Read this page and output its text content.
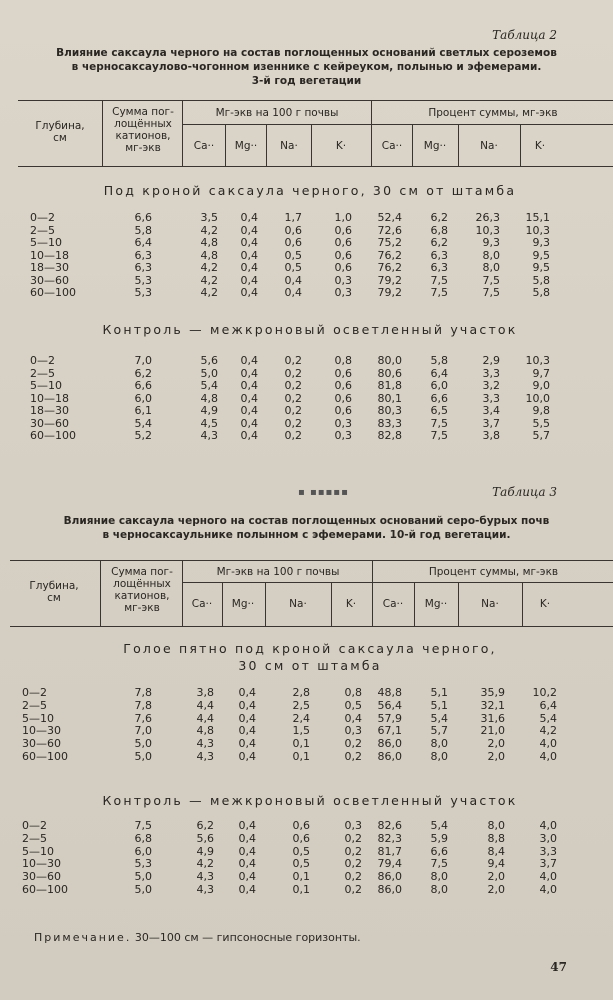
Таблица 2
Влияние саксаула черного на состав поглощенных оснований светлых сероземов
в черносаксаулово-чогонном изеннике с кейреуком, полынью и эфемерами.
3-й год вегетации
Глубина,
см
Сумма пог-
лощённых
катионов,
мг-экв
Мг-экв на 100 г почвы	Процент суммы, мг-экв
Ca··	Mg··	Na·	K·	Ca··	Mg··	Na·	K·
Под кроной саксаула черного, 30 см от штамба
0—2	6,6	3,5	0,4	1,7	1,0	52,4	6,2	26,3	15,1
2—5	5,8	4,2	0,4	0,6	0,6	72,6	6,8	10,3	10,3
5—10	6,4	4,8	0,4	0,6	0,6	75,2	6,2	9,3	9,3
10—18	6,3	4,8	0,4	0,5	0,6	76,2	6,3	8,0	9,5
18—30	6,3	4,2	0,4	0,5	0,6	76,2	6,3	8,0	9,5
30—60	5,3	4,2	0,4	0,4	0,3	79,2	7,5	7,5	5,8
60—100	5,3	4,2	0,4	0,4	0,3	79,2	7,5	7,5	5,8
Контроль — межкроновый осветленный участок
0—2	7,0	5,6	0,4	0,2	0,8	80,0	5,8	2,9	10,3
2—5	6,2	5,0	0,4	0,2	0,6	80,6	6,4	3,3	9,7
5—10	6,6	5,4	0,4	0,2	0,6	81,8	6,0	3,2	9,0
10—18	6,0	4,8	0,4	0,2	0,6	80,1	6,6	3,3	10,0
18—30	6,1	4,9	0,4	0,2	0,6	80,3	6,5	3,4	9,8
30—60	5,4	4,5	0,4	0,2	0,3	83,3	7,5	3,7	5,5
60—100	5,2	4,3	0,4	0,2	0,3	82,8	7,5	3,8	5,7
▪ ▪▪▪▪▪	Таблица 3
Влияние саксаула черного на состав поглощенных оснований серо-бурых почв
в черносаксаульнике полынном с эфемерами. 10-й год вегетации.
Глубина,
см
Сумма пог-
лощённых
катионов,
мг-экв
Мг-экв на 100 г почвы	Процент суммы, мг-экв
Ca··	Mg··	Na·	K·	Ca··	Mg··	Na·	K·
Голое пятно под кроной саксаула черного,
30 см от штамба
0—2	7,8	3,8	0,4	2,8	0,8	48,8	5,1	35,9	10,2
2—5	7,8	4,4	0,4	2,5	0,5	56,4	5,1	32,1	6,4
5—10	7,6	4,4	0,4	2,4	0,4	57,9	5,4	31,6	5,4
10—30	7,0	4,8	0,4	1,5	0,3	67,1	5,7	21,0	4,2
30—60	5,0	4,3	0,4	0,1	0,2	86,0	8,0	2,0	4,0
60—100	5,0	4,3	0,4	0,1	0,2	86,0	8,0	2,0	4,0
Контроль — межкроновый осветленный участок
0—2	7,5	6,2	0,4	0,6	0,3	82,6	5,4	8,0	4,0
2—5	6,8	5,6	0,4	0,6	0,2	82,3	5,9	8,8	3,0
5—10	6,0	4,9	0,4	0,5	0,2	81,7	6,6	8,4	3,3
10—30	5,3	4,2	0,4	0,5	0,2	79,4	7,5	9,4	3,7
30—60	5,0	4,3	0,4	0,1	0,2	86,0	8,0	2,0	4,0
60—100	5,0	4,3	0,4	0,1	0,2	86,0	8,0	2,0	4,0
Примечание. 30—100 см — гипсоносные горизонты.
47
